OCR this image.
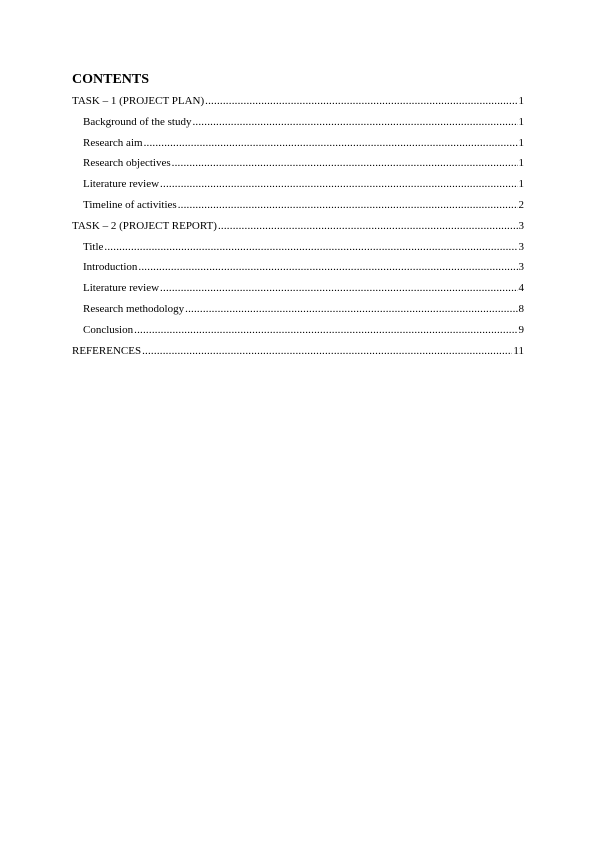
CONTENTS
TASK – 1 (PROJECT PLAN) .....	1
Background of the study .....	1
Research aim .....	1
Research objectives .....	1
Literature review .....	1
Timeline of activities .....	2
TASK – 2 (PROJECT REPORT) .....	3
Title .....	3
Introduction .....	3
Literature review .....	4
Research methodology .....	8
Conclusion .....	9
REFERENCES .....	11
